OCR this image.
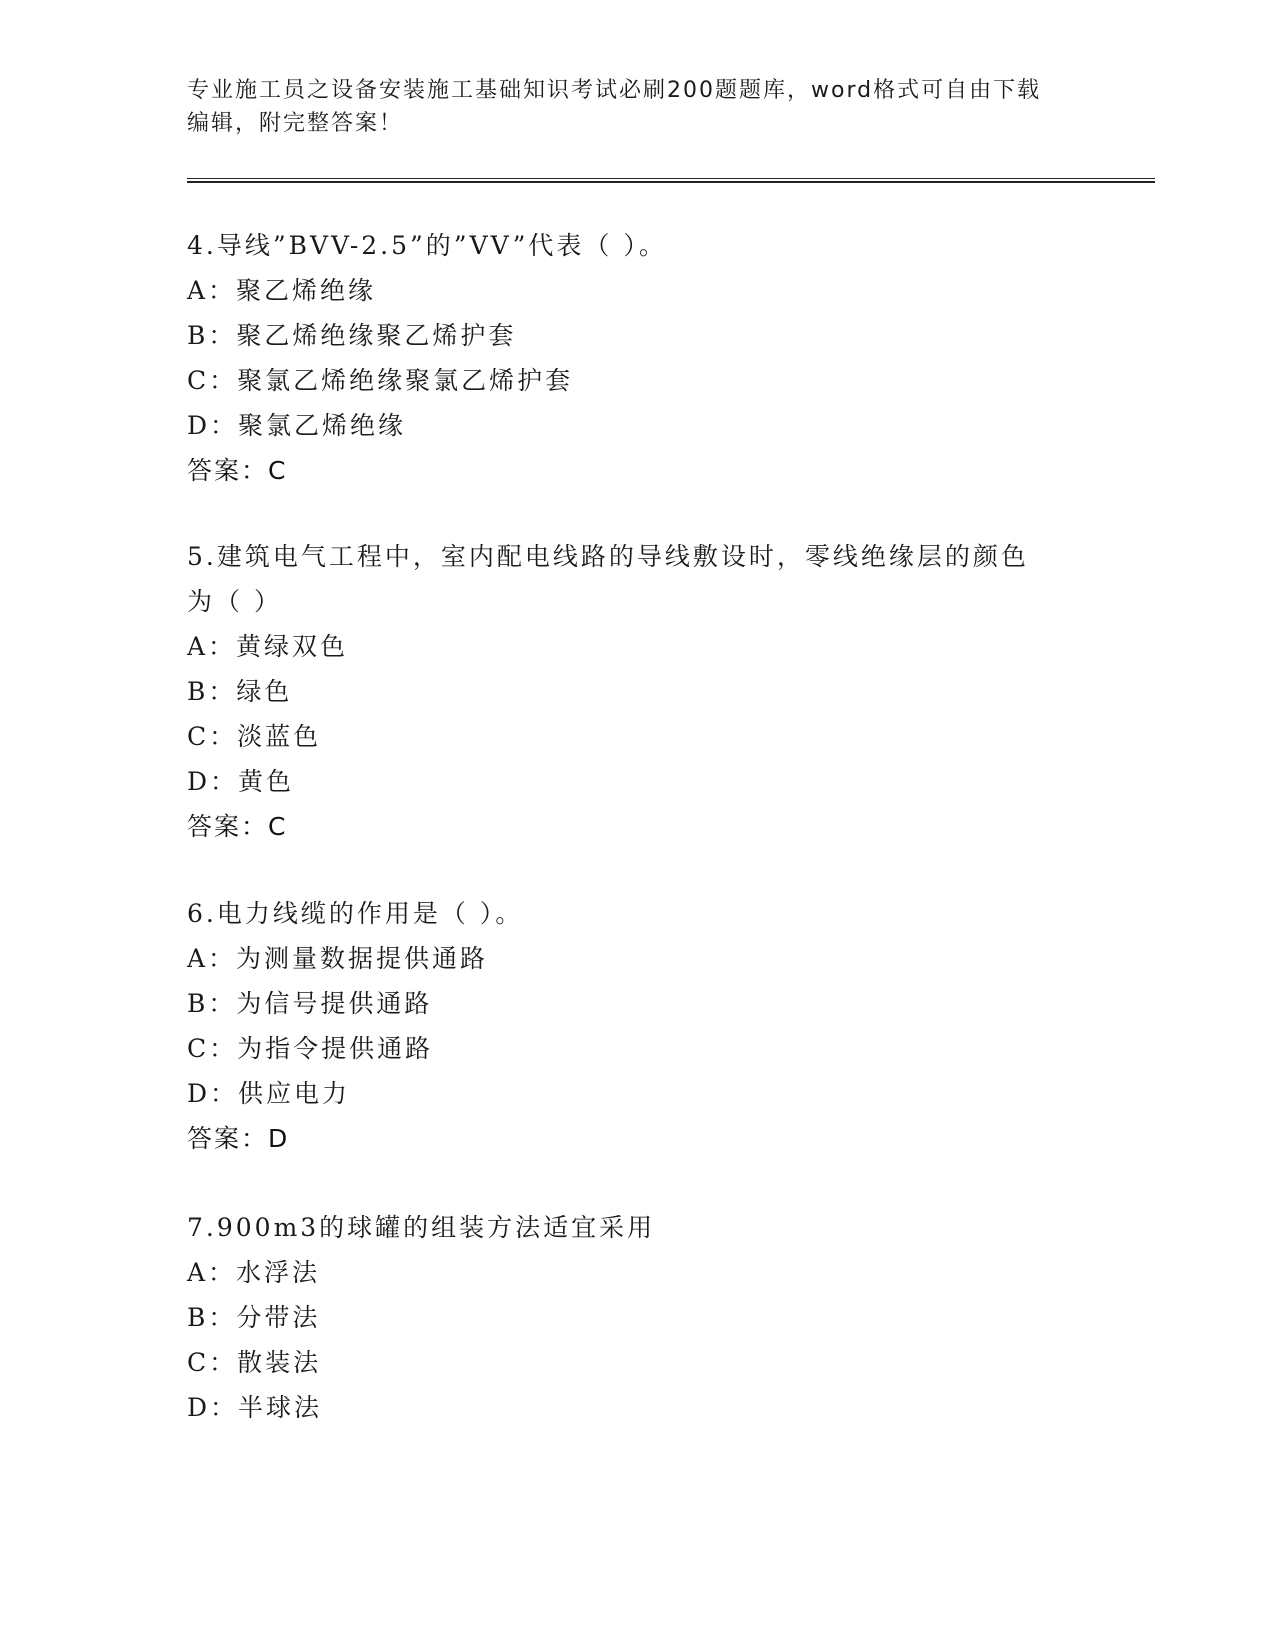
专业施工员之设备安装施工基础知识考试必刷200题题库，word格式可自由下载
编辑，附完整答案！
4.导线”BVV-2.5”的”VV”代表（ ）。
A：聚乙烯绝缘
B：聚乙烯绝缘聚乙烯护套
C：聚氯乙烯绝缘聚氯乙烯护套
D：聚氯乙烯绝缘
答案：C
5.建筑电气工程中，室内配电线路的导线敷设时，零线绝缘层的颜色
为（ ）
A：黄绿双色
B：绿色
C：淡蓝色
D：黄色
答案：C
6.电力线缆的作用是（ ）。
A：为测量数据提供通路
B：为信号提供通路
C：为指令提供通路
D：供应电力
答案：D
7.900m3的球罐的组装方法适宜采用
A：水浮法
B：分带法
C：散装法
D：半球法
